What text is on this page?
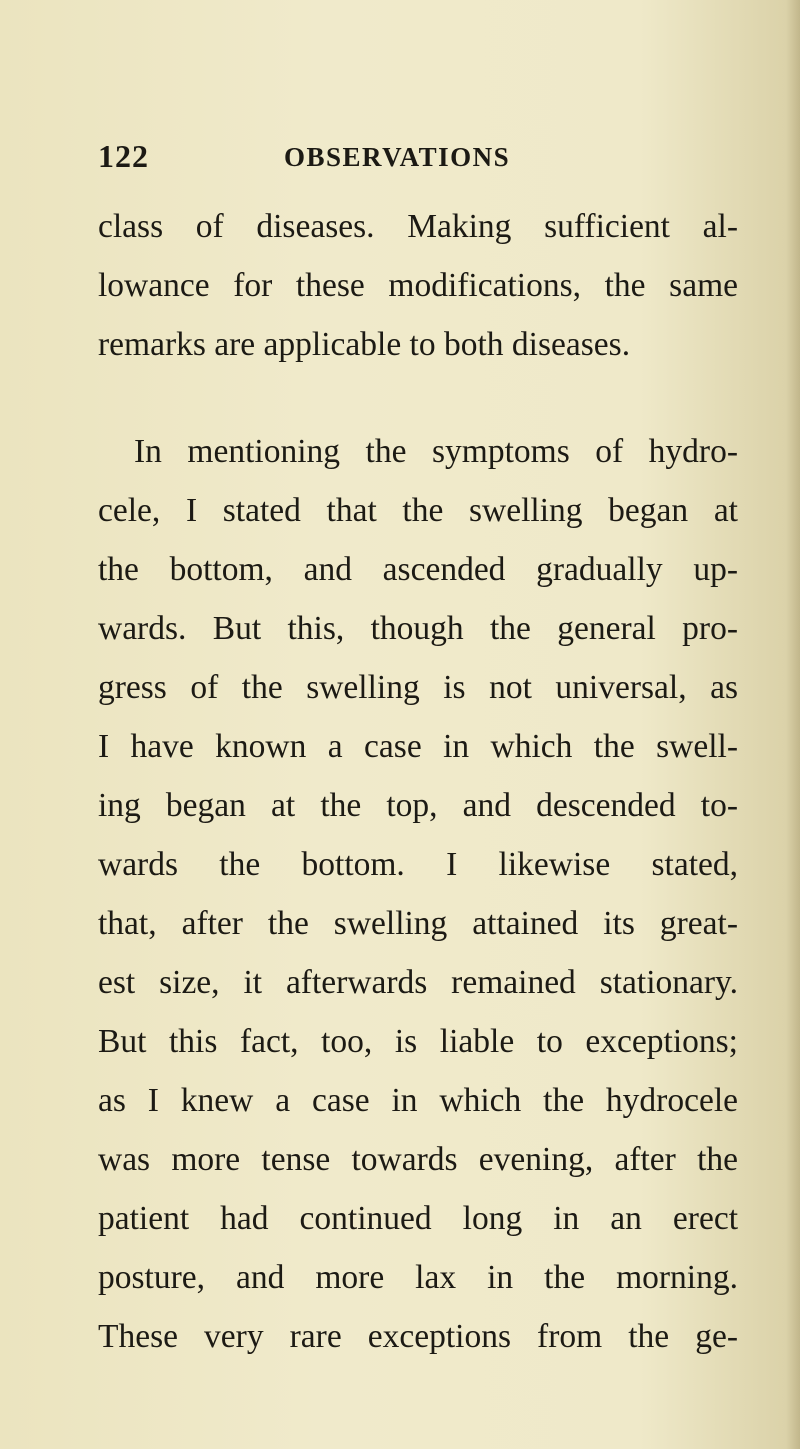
122	OBSERVATIONS
class of diseases. Making sufficient al-
lowance for these modifications, the same
remarks are applicable to both diseases.
In mentioning the symptoms of hydro-
cele, I stated that the swelling began at
the bottom, and ascended gradually up-
wards. But this, though the general pro-
gress of the swelling is not universal, as
I have known a case in which the swell-
ing began at the top, and descended to-
wards the bottom. I likewise stated,
that, after the swelling attained its great-
est size, it afterwards remained stationary.
But this fact, too, is liable to exceptions;
as I knew a case in which the hydrocele
was more tense towards evening, after the
patient had continued long in an erect
posture, and more lax in the morning.
These very rare exceptions from the ge-
